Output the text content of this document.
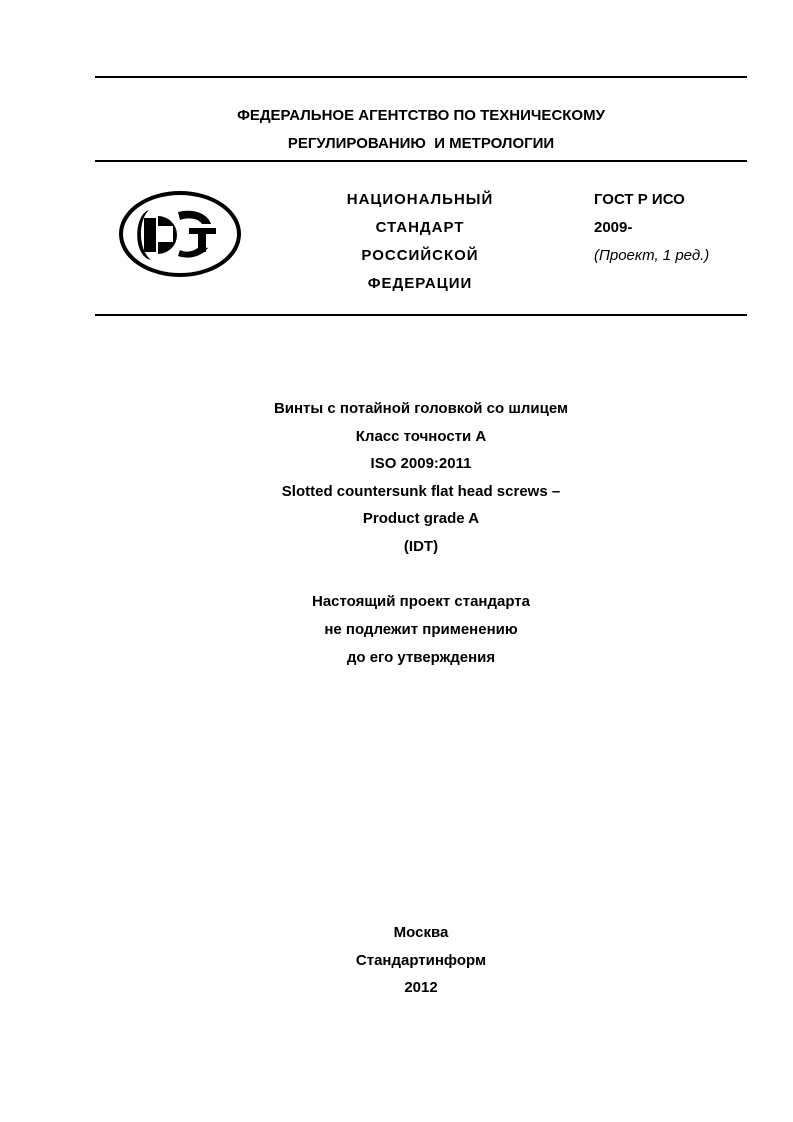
ФЕДЕРАЛЬНОЕ АГЕНТСТВО ПО ТЕХНИЧЕСКОМУ
РЕГУЛИРОВАНИЮ  И МЕТРОЛОГИИ
НАЦИОНАЛЬНЫЙ
СТАНДАРТ
РОССИЙСКОЙ
ФЕДЕРАЦИИ
ГОСТ Р ИСО
2009-
(Проект, 1 ред.)
Винты с потайной головкой со шлицем
Класс точности А
ISO 2009:2011
Slotted countersunk flat head screws –
Product grade A
(IDT)
Настоящий проект стандарта
не подлежит применению
до его утверждения
Москва
Стандартинформ
2012
